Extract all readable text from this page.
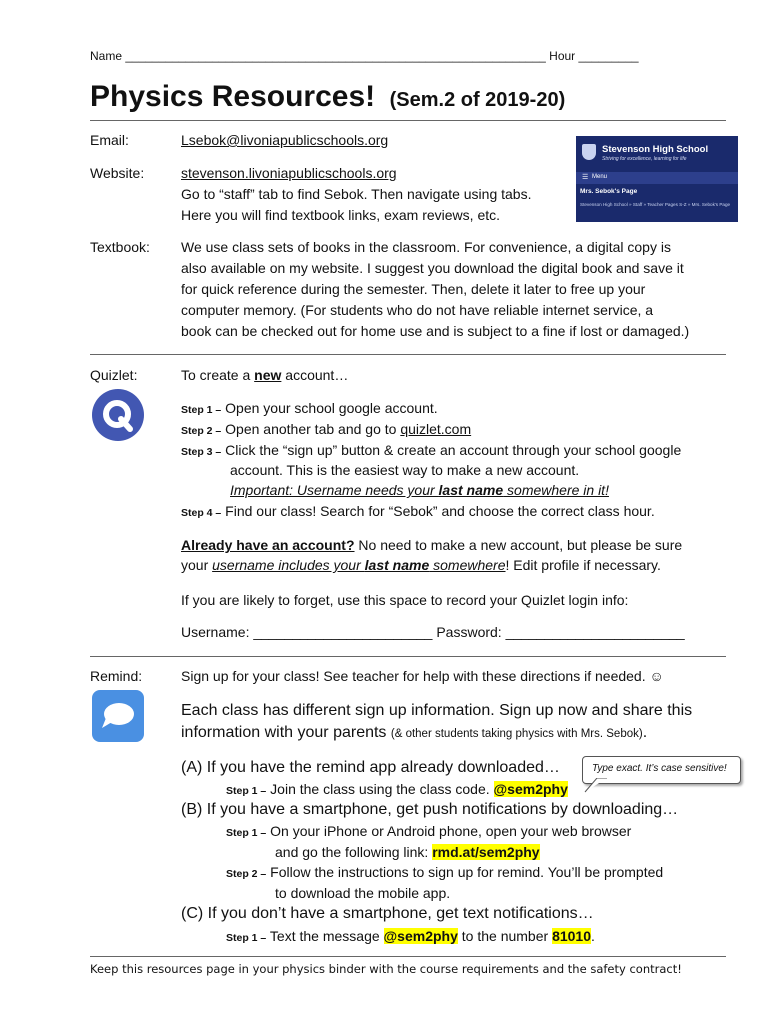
Name _______________________________________________________________ Hour _________
Physics Resources! (Sem.2 of 2019-20)
Email:	Lsebok@livoniapublicschools.org
Website:	stevenson.livoniapublicschools.org
Go to “staff” tab to find Sebok. Then navigate using tabs.
Here you will find textbook links, exam reviews, etc.
Stevenson High School
Striving for excellence, learning for life
☰ Menu
Mrs. Sebok's Page
Stevenson High School » Staff » Teacher Pages S-Z » Mrs. Sebok's Page
Textbook: We use class sets of books in the classroom. For convenience, a digital copy is
also available on my website. I suggest you download the digital book and save it
for quick reference during the semester. Then, delete it later to free up your
computer memory. (For students who do not have reliable internet service, a
book can be checked out for home use and is subject to a fine if lost or damaged.)
Quizlet:	To create a new account…
Step 1 – Open your school google account.
Step 2 – Open another tab and go to quizlet.com
Step 3 – Click the “sign up” button & create an account through your school google
account. This is the easiest way to make a new account.
Important: Username needs your last name somewhere in it!
Step 4 – Find our class! Search for “Sebok” and choose the correct class hour.
Already have an account? No need to make a new account, but please be sure
your username includes your last name somewhere! Edit profile if necessary.
If you are likely to forget, use this space to record your Quizlet login info:
Username: _______________________ Password: _______________________
Remind:	Sign up for your class! See teacher for help with these directions if needed. ☺
Each class has different sign up information. Sign up now and share this
information with your parents (& other students taking physics with Mrs. Sebok).
(A) If you have the remind app already downloaded…	Type exact. It’s case sensitive!
Step 1 – Join the class using the class code. @sem2phy
(B) If you have a smartphone, get push notifications by downloading…
Step 1 – On your iPhone or Android phone, open your web browser
and go the following link: rmd.at/sem2phy
Step 2 – Follow the instructions to sign up for remind. You’ll be prompted
to download the mobile app.
(C) If you don’t have a smartphone, get text notifications…
Step 1 – Text the message @sem2phy to the number 81010.
Keep this resources page in your physics binder with the course requirements and the safety contract!
